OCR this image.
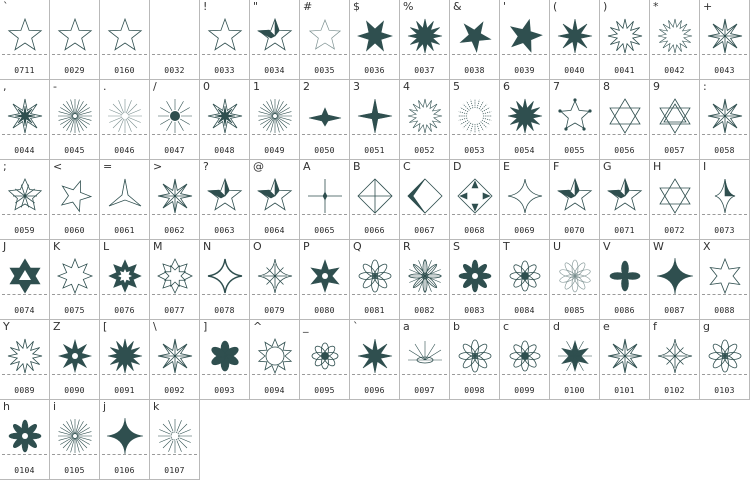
`
0711	0029	0160	0032
!
0033
"
0034
#
0035
$
0036
%
0037
&
0038
'
0039
(
0040
)
0041
*
0042
+
0043
,
0044
-
0045
.
0046
/
0047
0
0048
1
0049
2
0050
3
0051
4
0052
5
0053
6
0054
7
0055
8
0056
9
0057
:
0058
;
0059
<
0060
=
0061
>
0062
?
0063
@
0064
A
0065
B
0066
C
0067
D
0068
E
0069
F
0070
G
0071
H
0072
I
0073
J
0074
K
0075
L
0076
M
0077
N
0078
O
0079
P
0080
Q
0081
R
0082
S
0083
T
0084
U
0085
V
0086
W
0087
X
0088
Y
0089
Z
0090
[
0091
\
0092
]
0093
^
0094
_
0095
`
0096
a
0097
b
0098
c
0099
d
0100
e
0101
f
0102
g
0103
h
0104
i
0105
j
0106
k
0107
